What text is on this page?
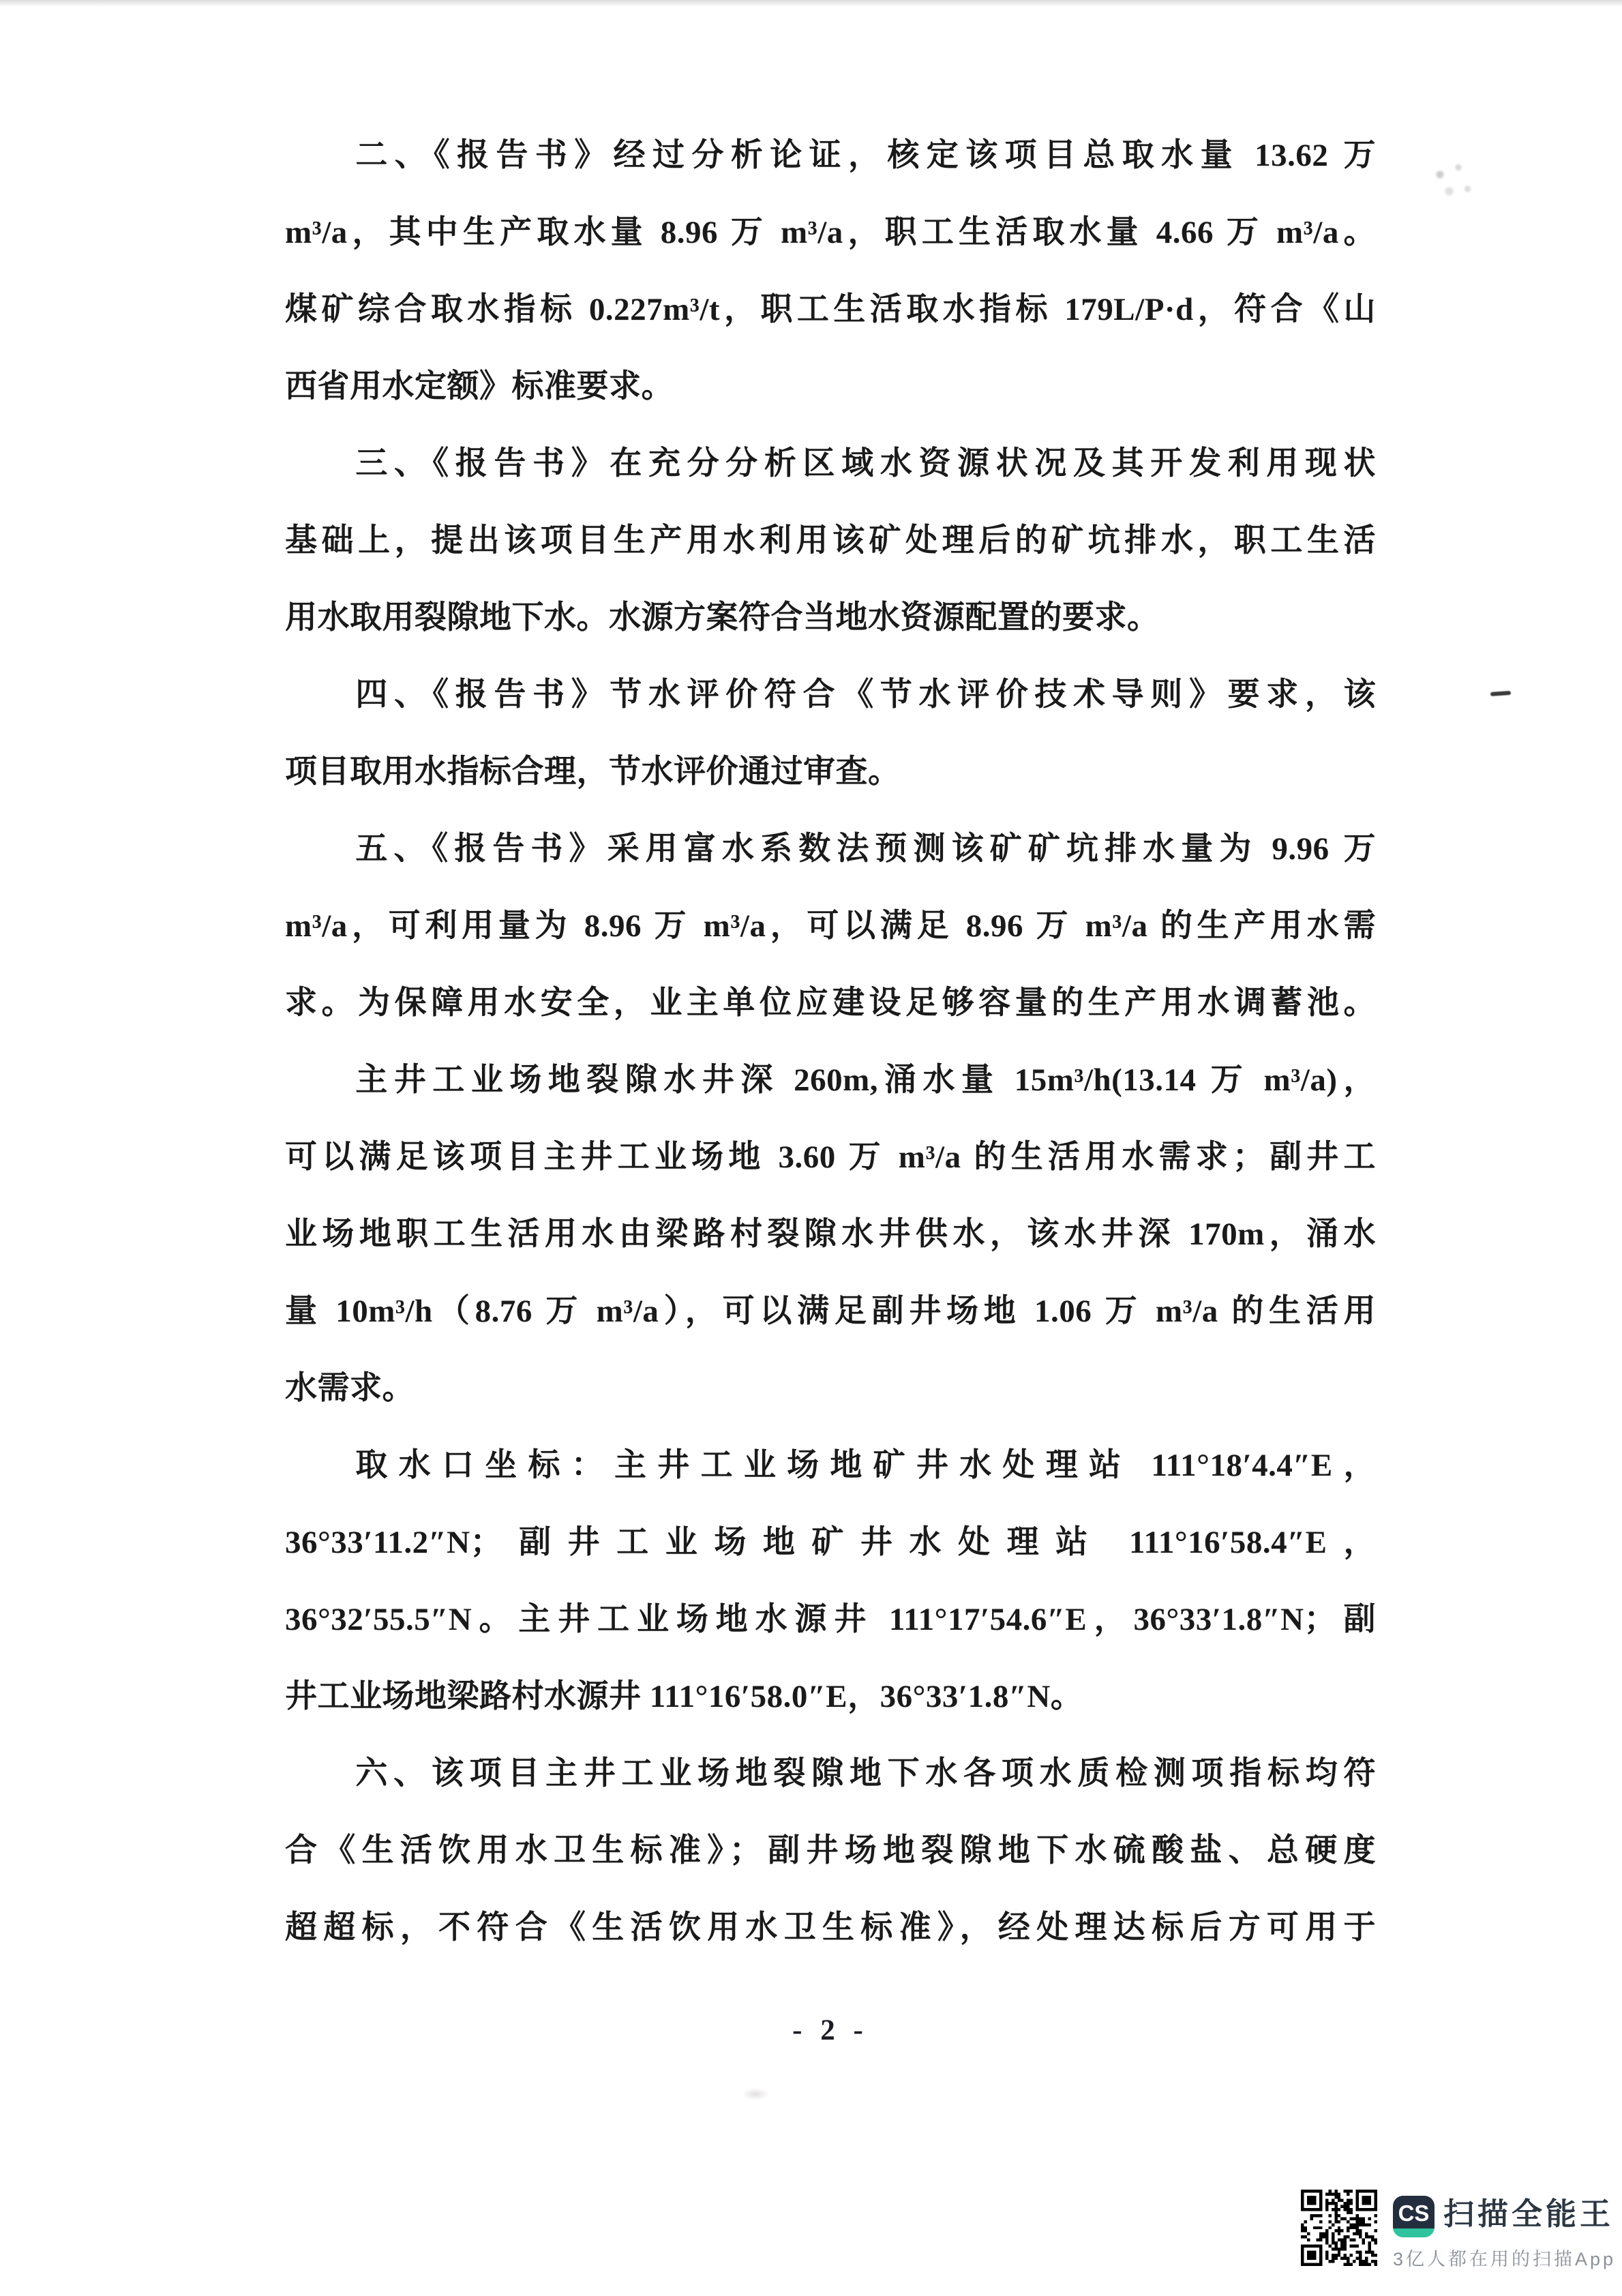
二、《报告书》经过分析论证，核定该项目总取水量 13.62 万
m³/a，其中生产取水量 8.96 万 m³/a，职工生活取水量 4.66 万 m³/a。
煤矿综合取水指标 0.227m³/t，职工生活取水指标 179L/P·d，符合《山
西省用水定额》标准要求。
三、《报告书》在充分分析区域水资源状况及其开发利用现状
基础上，提出该项目生产用水利用该矿处理后的矿坑排水，职工生活
用水取用裂隙地下水。水源方案符合当地水资源配置的要求。
四、《报告书》节水评价符合《节水评价技术导则》要求，该
项目取用水指标合理，节水评价通过审查。
五、《报告书》采用富水系数法预测该矿矿坑排水量为 9.96 万
m³/a，可利用量为 8.96 万 m³/a，可以满足 8.96 万 m³/a 的生产用水需
求。为保障用水安全，业主单位应建设足够容量的生产用水调蓄池。
主井工业场地裂隙水井深 260m,涌水量 15m³/h(13.14 万 m³/a)，
可以满足该项目主井工业场地 3.60 万 m³/a 的生活用水需求；副井工
业场地职工生活用水由梁路村裂隙水井供水，该水井深 170m，涌水
量 10m³/h（8.76 万 m³/a），可以满足副井场地 1.06 万 m³/a 的生活用
水需求。
取水口坐标：主井工业场地矿井水处理站 111°18′4.4″E，
36°33′11.2″N；副井工业场地矿井水处理站 111°16′58.4″E，
36°32′55.5″N。主井工业场地水源井 111°17′54.6″E，36°33′1.8″N；副
井工业场地梁路村水源井 111°16′58.0″E，36°33′1.8″N。
六、该项目主井工业场地裂隙地下水各项水质检测项指标均符
合《生活饮用水卫生标准》；副井场地裂隙地下水硫酸盐、总硬度
超超标，不符合《生活饮用水卫生标准》，经处理达标后方可用于
- 2 -
CS 扫描全能王
3亿人都在用的扫描App
